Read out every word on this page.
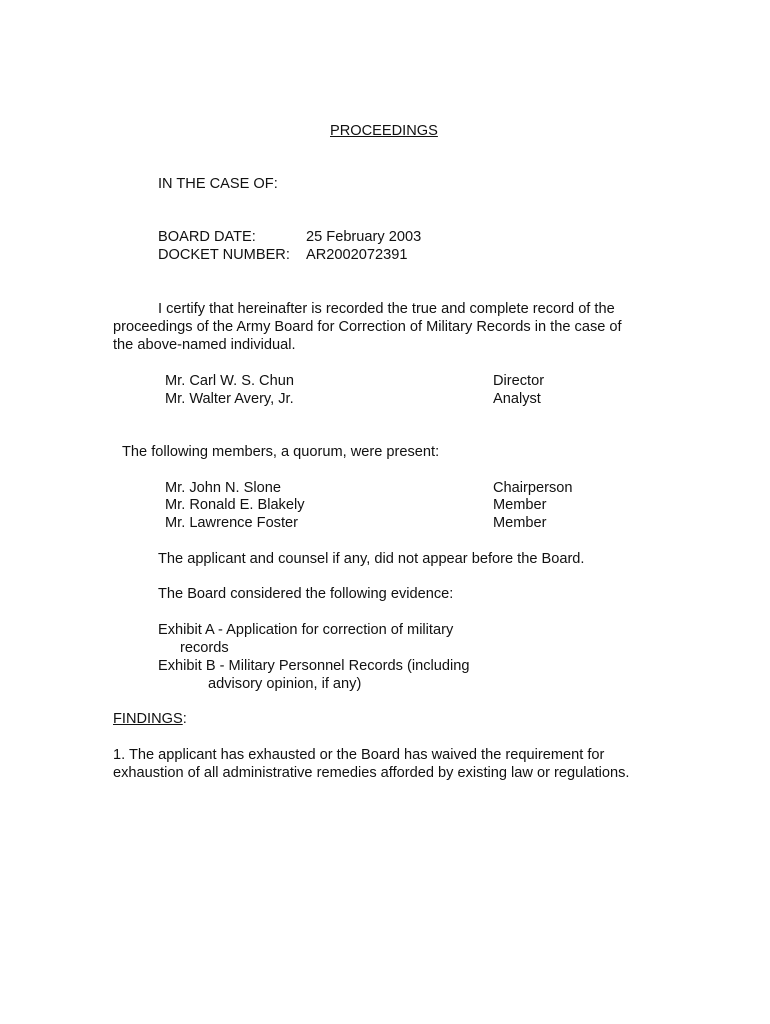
PROCEEDINGS
IN THE CASE OF:
BOARD DATE:	25 February 2003
DOCKET NUMBER: AR2002072391
I certify that hereinafter is recorded the true and complete record of the
proceedings of the Army Board for Correction of Military Records in the case of
the above-named individual.
Mr. Carl W. S. Chun	Director
Mr. Walter Avery, Jr.	Analyst
The following members, a quorum, were present:
Mr. John N. Slone	Chairperson
Mr. Ronald E. Blakely	Member
Mr. Lawrence Foster	Member
The applicant and counsel if any, did not appear before the Board.
The Board considered the following evidence:
Exhibit A - Application for correction of military
records
Exhibit B - Military Personnel Records (including
advisory opinion, if any)
FINDINGS:
1. The applicant has exhausted or the Board has waived the requirement for
exhaustion of all administrative remedies afforded by existing law or regulations.
